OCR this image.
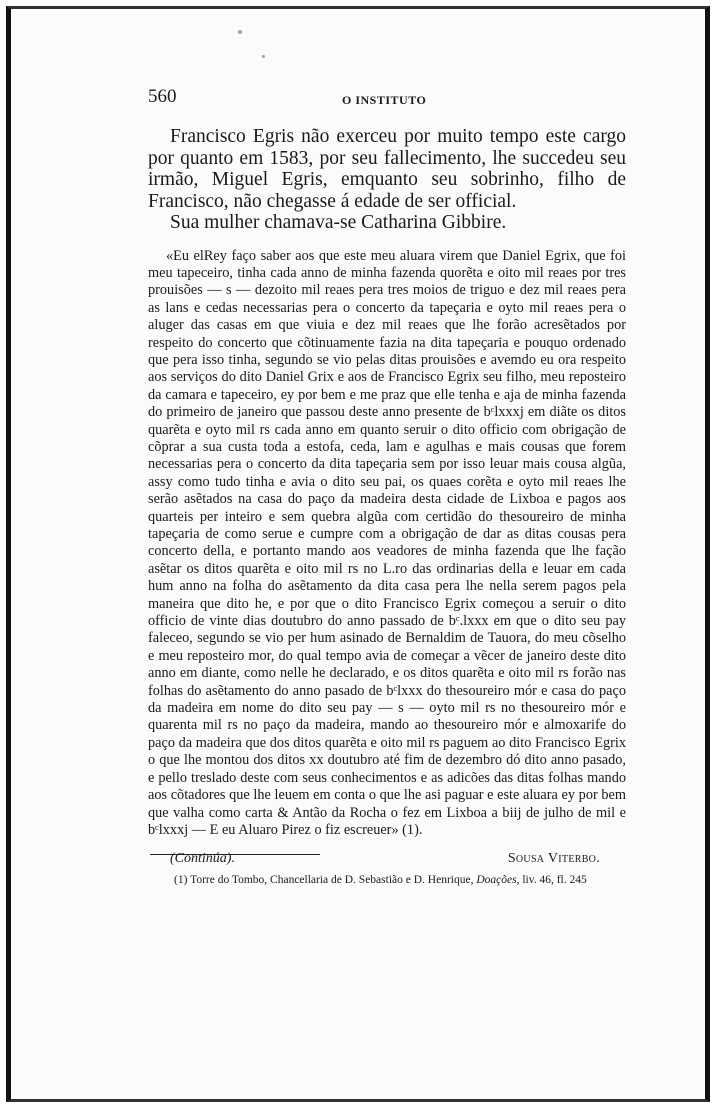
560	O INSTITUTO

Francisco Egris não exerceu por muito tempo este cargo por quanto em 1583, por seu fallecimento, lhe succedeu seu irmão, Miguel Egris, emquanto seu sobrinho, filho de Francisco, não chegasse á edade de ser official.

Sua mulher chamava-se Catharina Gibbire.

«Eu elRey faço saber aos que este meu aluara virem que Daniel Egrix, que foi meu tapeceiro, tinha cada anno de minha fazenda quorẽta e oito mil reaes por tres prouisões — s — dezoito mil reaes pera tres moios de triguo e dez mil reaes pera as lans e cedas necessarias pera o concerto da tapeçaria e oyto mil reaes pera o aluger das casas em que viuia e dez mil reaes que lhe forão acresẽtados por respeito do concerto que cõtinuamente fazia na dita tapeçaria e pouquo ordenado que pera isso tinha, segundo se vio pelas ditas prouisões e avemdo eu ora respeito aos serviços do dito Daniel Grix e aos de Francisco Egrix seu filho, meu reposteiro da camara e tapeceiro, ey por bem e me praz que elle tenha e aja de minha fazenda do primeiro de janeiro que passou deste anno presente de bᶜlxxxj em diãte os ditos quarẽta e oyto mil rs cada anno em quanto seruir o dito officio com obrigação de cõprar a sua custa toda a estofa, ceda, lam e agulhas e mais cousas que forem necessarias pera o concerto da dita tapeçaria sem por isso leuar mais cousa algũa, assy como tudo tinha e avia o dito seu pai, os quaes corẽta e oyto mil reaes lhe serão asẽtados na casa do paço da madeira desta cidade de Lixboa e pagos aos quarteis per inteiro e sem quebra algũa com certidão do thesoureiro de minha tapeçaria de como serue e cumpre com a obrigação de dar as ditas cousas pera concerto della, e portanto mando aos veadores de minha fazenda que lhe fação asẽtar os ditos quarẽta e oito mil rs no L.ro das ordinarias della e leuar em cada hum anno na folha do asẽtamento da dita casa pera lhe nella serem pagos pela maneira que dito he, e por que o dito Francisco Egrix começou a seruir o dito officio de vinte dias doutubro do anno passado de bᶜ.lxxx em que o dito seu pay faleceo, segundo se vio per hum asinado de Bernaldim de Tauora, do meu cõselho e meu reposteiro mor, do qual tempo avia de começar a vẽcer de janeiro deste dito anno em diante, como nelle he declarado, e os ditos quarẽta e oito mil rs forão nas folhas do asẽtamento do anno pasado de bᶜlxxx do thesoureiro mór e casa do paço da madeira em nome do dito seu pay — s — oyto mil rs no thesoureiro mór e quarenta mil rs no paço da madeira, mando ao thesoureiro mór e almoxarife do paço da madeira que dos ditos quarẽta e oito mil rs paguem ao dito Francisco Egrix o que lhe montou dos ditos xx doutubro até fim de dezembro dó dito anno pasado, e pello treslado deste com seus conhecimentos e as adicões das ditas folhas mando aos cõtadores que lhe leuem em conta o que lhe asi paguar e este aluara ey por bem que valha como carta & Antão da Rocha o fez em Lixboa a biij de julho de mil e bᶜlxxxj — E eu Aluaro Pirez o fiz escreuer» (1).
(Continúa).	Sousa Viterbo.
(1) Torre do Tombo, Chancellaria de D. Sebastião e D. Henrique, Doações, liv. 46, fl. 245
